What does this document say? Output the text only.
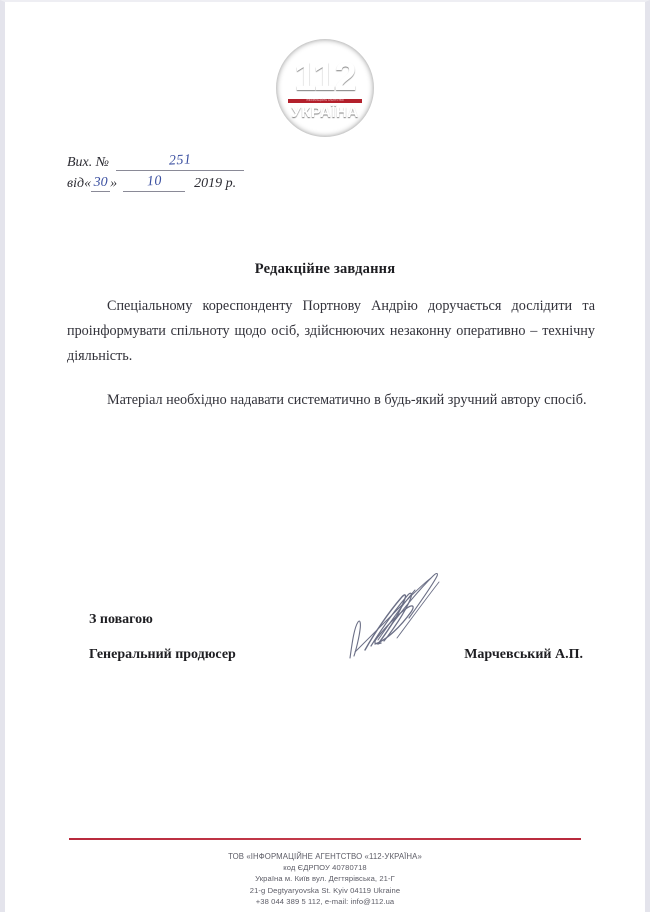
112
ІНФОРМАЦІЙНЕ АГЕНТСТВО
УКРАЇНА
Вих. №	251
від « 30 »	10	2019 р.
Редакційне завдання

Спеціальному кореспонденту Портнову Андрію доручається дослідити та проінформувати спільноту щодо осіб, здійснюючих незаконну оперативно – технічну діяльність.

Матеріал необхідно надавати систематично в будь-який зручний автору спосіб.

З повагою
Генеральний продюсер	Марчевський А.П.
ТОВ «ІНФОРМАЦІЙНЕ АГЕНТСТВО «112-УКРАЇНА»
код ЄДРПОУ 40780718
Україна м. Київ вул. Дегтярівська, 21-Г
21-g Degtyaryovska St. Kyiv 04119 Ukraine
+38 044 389 5 112, e-mail: info@112.ua
